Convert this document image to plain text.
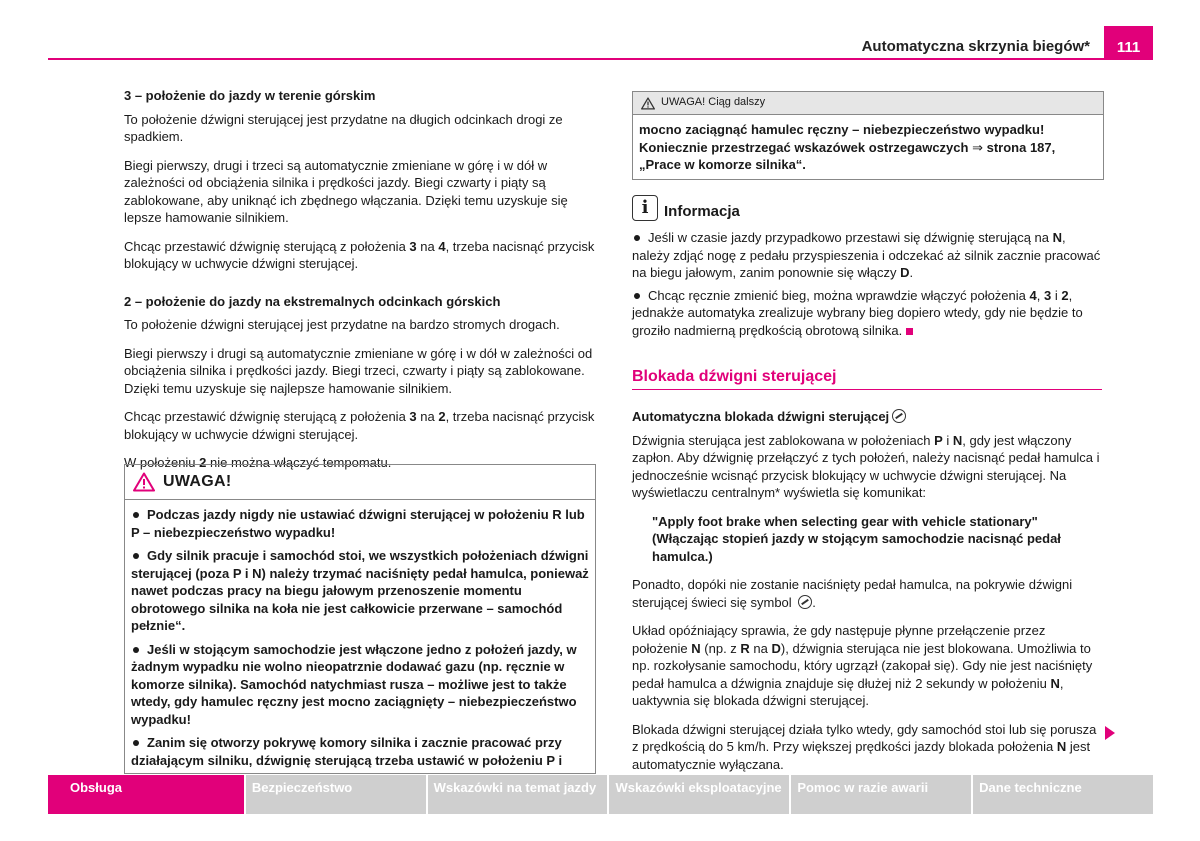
Automatyczna skrzynia biegów*	111

3 – położenie do jazdy w terenie górskim

To położenie dźwigni sterującej jest przydatne na długich odcinkach drogi ze spadkiem.

Biegi pierwszy, drugi i trzeci są automatycznie zmieniane w górę i w dół w zależności od obciążenia silnika i prędkości jazdy. Biegi czwarty i piąty są zablokowane, aby uniknąć ich zbędnego włączania. Dzięki temu uzyskuje się lepsze hamowanie silnikiem.

Chcąc przestawić dźwignię sterującą z położenia 3 na 4, trzeba nacisnąć przycisk blokujący w uchwycie dźwigni sterującej.

2 – położenie do jazdy na ekstremalnych odcinkach górskich

To położenie dźwigni sterującej jest przydatne na bardzo stromych drogach.

Biegi pierwszy i drugi są automatycznie zmieniane w górę i w dół w zależności od obciążenia silnika i prędkości jazdy. Biegi trzeci, czwarty i piąty są zablokowane. Dzięki temu uzyskuje się najlepsze hamowanie silnikiem.

Chcąc przestawić dźwignię sterującą z położenia 3 na 2, trzeba nacisnąć przycisk blokujący w uchwycie dźwigni sterującej.

W położeniu 2 nie można włączyć tempomatu.

UWAGA!

Podczas jazdy nigdy nie ustawiać dźwigni sterującej w położeniu R lub P – niebezpieczeństwo wypadku!

Gdy silnik pracuje i samochód stoi, we wszystkich położeniach dźwigni sterującej (poza P i N) należy trzymać naciśnięty pedał hamulca, ponieważ nawet podczas pracy na biegu jałowym przenoszenie momentu obrotowego silnika na koła nie jest całkowicie przerwane – samochód pełznie“.

Jeśli w stojącym samochodzie jest włączone jedno z położeń jazdy, w żadnym wypadku nie wolno nieopatrznie dodawać gazu (np. ręcznie w komorze silnika). Samochód natychmiast rusza – możliwe jest to także wtedy, gdy hamulec ręczny jest mocno zaciągnięty – niebezpieczeństwo wypadku!

Zanim się otworzy pokrywę komory silnika i zacznie pracować przy działającym silniku, dźwignię sterującą trzeba ustawić w położeniu P i

UWAGA! Ciąg dalszy
mocno zaciągnąć hamulec ręczny – niebezpieczeństwo wypadku! Koniecznie przestrzegać wskazówek ostrzegawczych ⇒ strona 187, „Prace w komorze silnika“.
i	Informacja

Jeśli w czasie jazdy przypadkowo przestawi się dźwignię sterującą na N, należy zdjąć nogę z pedału przyspieszenia i odczekać aż silnik zacznie pracować na biegu jałowym, zanim ponownie się włączy D.

Chcąc ręcznie zmienić bieg, można wprawdzie włączyć położenia 4, 3 i 2, jednakże automatyka zrealizuje wybrany bieg dopiero wtedy, gdy nie będzie to groziło nadmierną prędkością obrotową silnika.

Blokada dźwigni sterującej

Automatyczna blokada dźwigni sterującej

Dźwignia sterująca jest zablokowana w położeniach P i N, gdy jest włączony zapłon. Aby dźwignię przełączyć z tych położeń, należy nacisnąć pedał hamulca i jednocześnie wcisnąć przycisk blokujący w uchwycie dźwigni sterującej. Na wyświetlaczu centralnym* wyświetla się komunikat:

"Apply foot brake when selecting gear with vehicle stationary" (Włączając stopień jazdy w stojącym samochodzie nacisnąć pedał hamulca.)

Ponadto, dopóki nie zostanie naciśnięty pedał hamulca, na pokrywie dźwigni sterującej świeci się symbol .

Układ opóźniający sprawia, że gdy następuje płynne przełączenie przez położenie N (np. z R na D), dźwignia sterująca nie jest blokowana. Umożliwia to np. rozkołysanie samochodu, który ugrzązł (zakopał się). Gdy nie jest naciśnięty pedał hamulca a dźwignia znajduje się dłużej niż 2 sekundy w położeniu N, uaktywnia się blokada dźwigni sterującej.

Blokada dźwigni sterującej działa tylko wtedy, gdy samochód stoi lub się porusza z prędkością do 5 km/h. Przy większej prędkości jazdy blokada położenia N jest automatycznie wyłączana.

Obsługa	Bezpieczeństwo	Wskazówki na temat jazdy	Wskazówki eksploatacyjne	Pomoc w razie awarii	Dane techniczne
